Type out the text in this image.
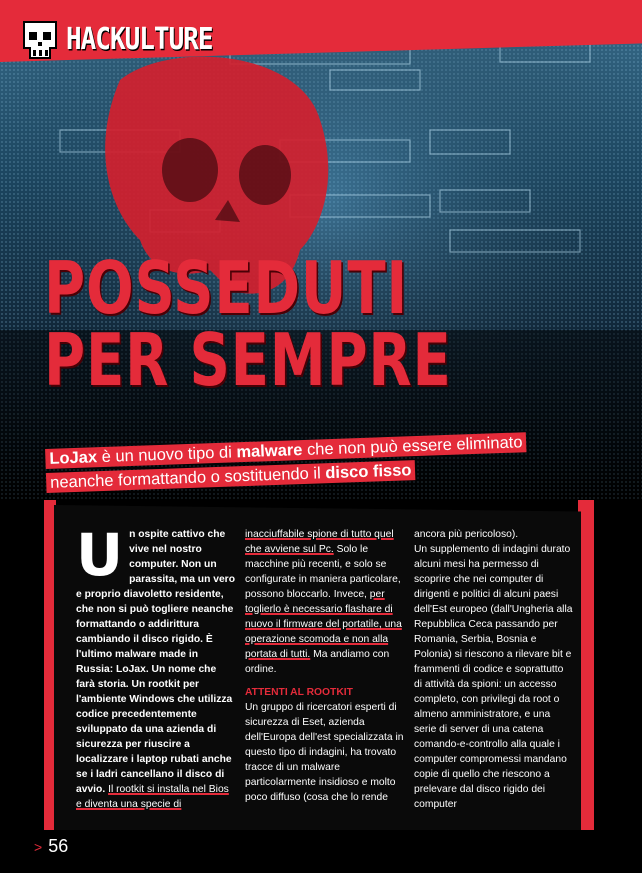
HACKULTURE
POSSEDUTI
PER SEMPRE
LoJax è un nuovo tipo di malware che non può essere eliminato neanche formattando o sostituendo il disco fisso
Un ospite cattivo che vive nel nostro computer. Non un parassita, ma un vero e proprio diavoletto residente, che non si può togliere neanche formattando o addirittura cambiando il disco rigido. È l'ultimo malware made in Russia: LoJax. Un nome che farà storia. Un rootkit per l'ambiente Windows che utilizza codice precedentemente sviluppato da una azienda di sicurezza per riuscire a localizzare i laptop rubati anche se i ladri cancellano il disco di avvio. Il rootkit si installa nel Bios e diventa una specie di
inacciuffabile spione di tutto quel che avviene sul Pc. Solo le macchine più recenti, e solo se configurate in maniera particolare, possono bloccarlo. Invece, per toglierlo è necessario flashare di nuovo il firmware del portatile, una operazione scomoda e non alla portata di tutti. Ma andiamo con ordine.
ATTENTI AL ROOTKIT
Un gruppo di ricercatori esperti di sicurezza di Eset, azienda dell'Europa dell'est specializzata in questo tipo di indagini, ha trovato tracce di un malware particolarmente insidioso e molto poco diffuso (cosa che lo rende
ancora più pericoloso).
Un supplemento di indagini durato alcuni mesi ha permesso di scoprire che nei computer di dirigenti e politici di alcuni paesi dell'Est europeo (dall'Ungheria alla Repubblica Ceca passando per Romania, Serbia, Bosnia e Polonia) si riescono a rilevare bit e frammenti di codice e soprattutto di attività da spioni: un accesso completo, con privilegi da root o almeno amministratore, e una serie di server di una catena comando-e-controllo alla quale i computer compromessi mandano copie di quello che riescono a prelevare dal disco rigido dei computer
> 56
